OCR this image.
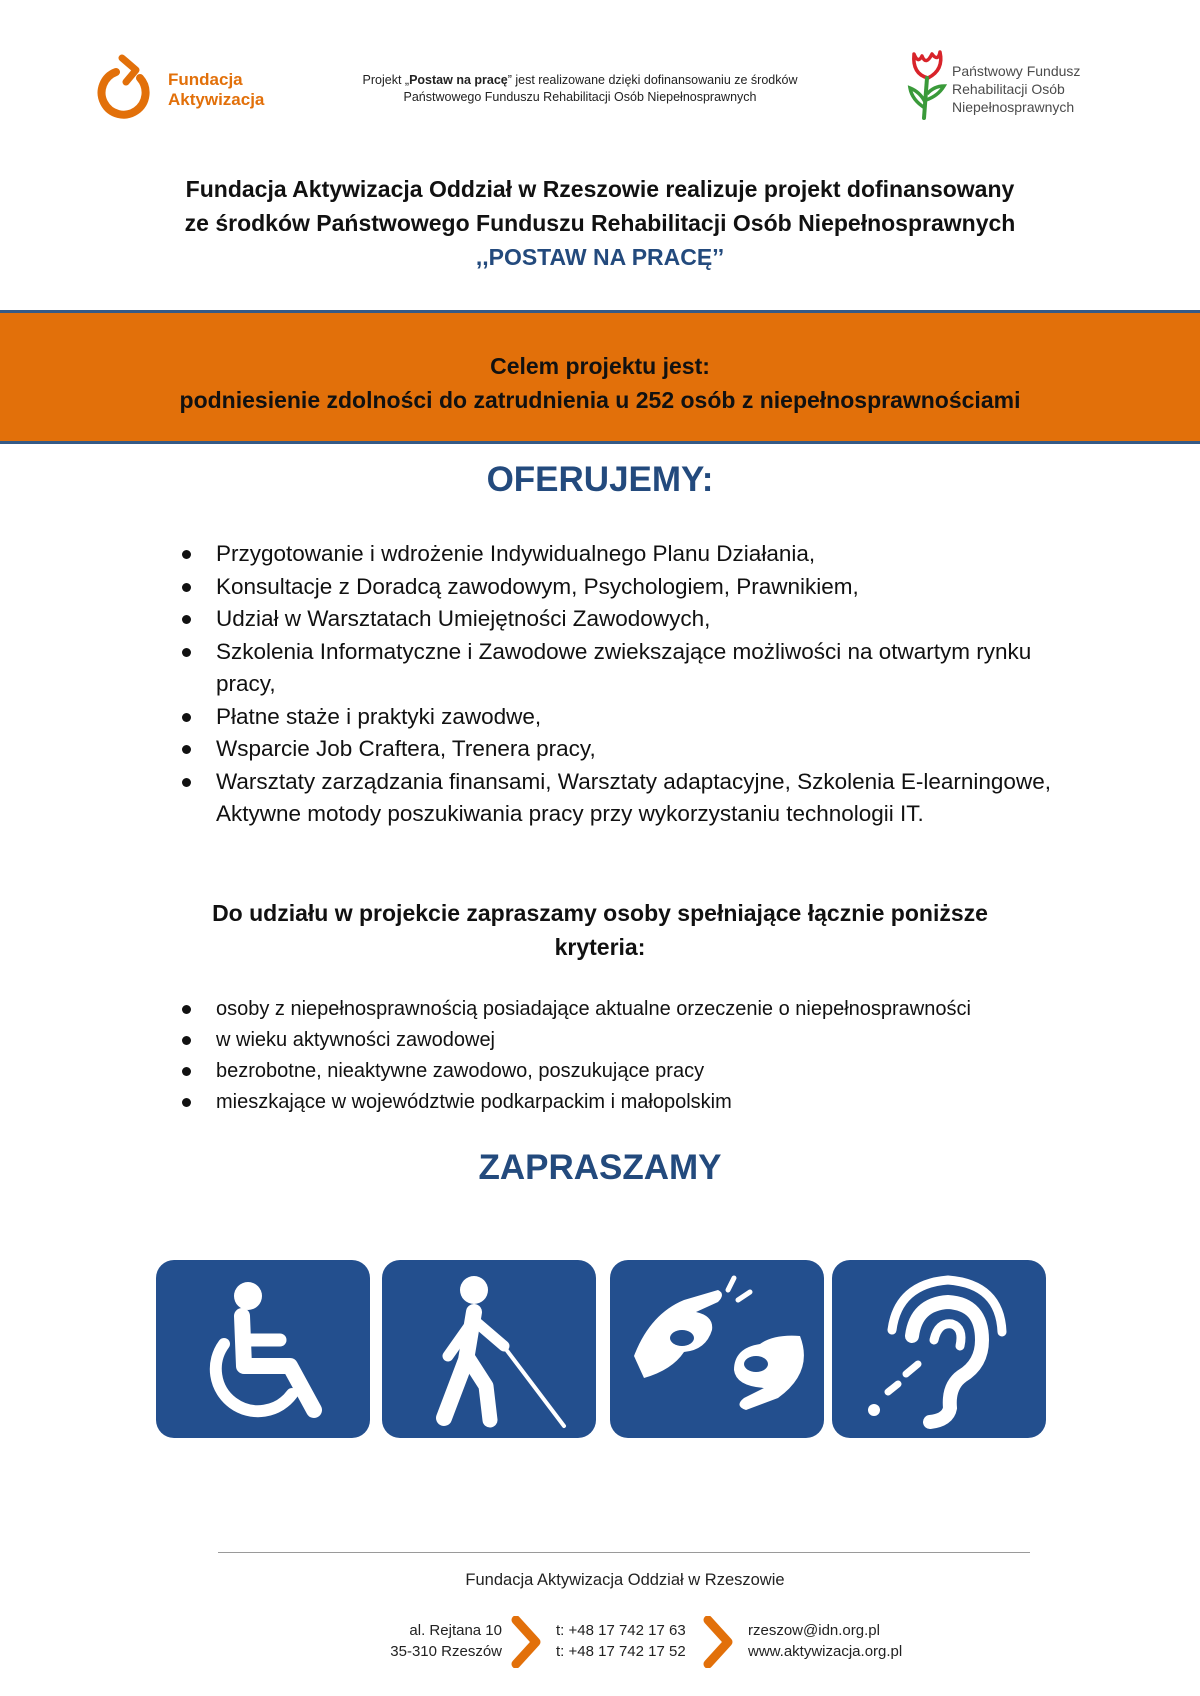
Fundacja
Aktywizacja
Projekt „Postaw na pracę” jest realizowane dzięki dofinansowaniu ze środków
Państwowego Funduszu Rehabilitacji Osób Niepełnosprawnych
Państwowy Fundusz
Rehabilitacji Osób
Niepełnosprawnych
Fundacja Aktywizacja Oddział w Rzeszowie realizuje projekt dofinansowany
ze środków Państwowego Funduszu Rehabilitacji Osób Niepełnosprawnych
,,POSTAW NA PRACĘ’’
Celem projektu jest:
podniesienie zdolności do zatrudnienia u 252 osób z niepełnosprawnościami
OFERUJEMY:
Przygotowanie i wdrożenie Indywidualnego Planu Działania,
Konsultacje z Doradcą zawodowym, Psychologiem, Prawnikiem,
Udział w Warsztatach Umiejętności Zawodowych,
Szkolenia Informatyczne i Zawodowe zwiekszające możliwości na otwartym rynku pracy,
Płatne staże i praktyki zawodwe,
Wsparcie Job Craftera, Trenera pracy,
Warsztaty zarządzania finansami, Warsztaty adaptacyjne, Szkolenia E-learningowe, Aktywne motody poszukiwania pracy przy wykorzystaniu technologii IT.
Do udziału w projekcie zapraszamy osoby spełniające łącznie poniższe
kryteria:
osoby z niepełnosprawnością posiadające aktualne orzeczenie o niepełnosprawności
w wieku aktywności zawodowej
bezrobotne, nieaktywne zawodowo, poszukujące pracy
mieszkające w województwie podkarpackim i małopolskim
ZAPRASZAMY
Fundacja Aktywizacja Oddział w Rzeszowie
al. Rejtana 10
35-310 Rzeszów
t: +48 17 742 17 63
t: +48 17 742 17 52
rzeszow@idn.org.pl
www.aktywizacja.org.pl
